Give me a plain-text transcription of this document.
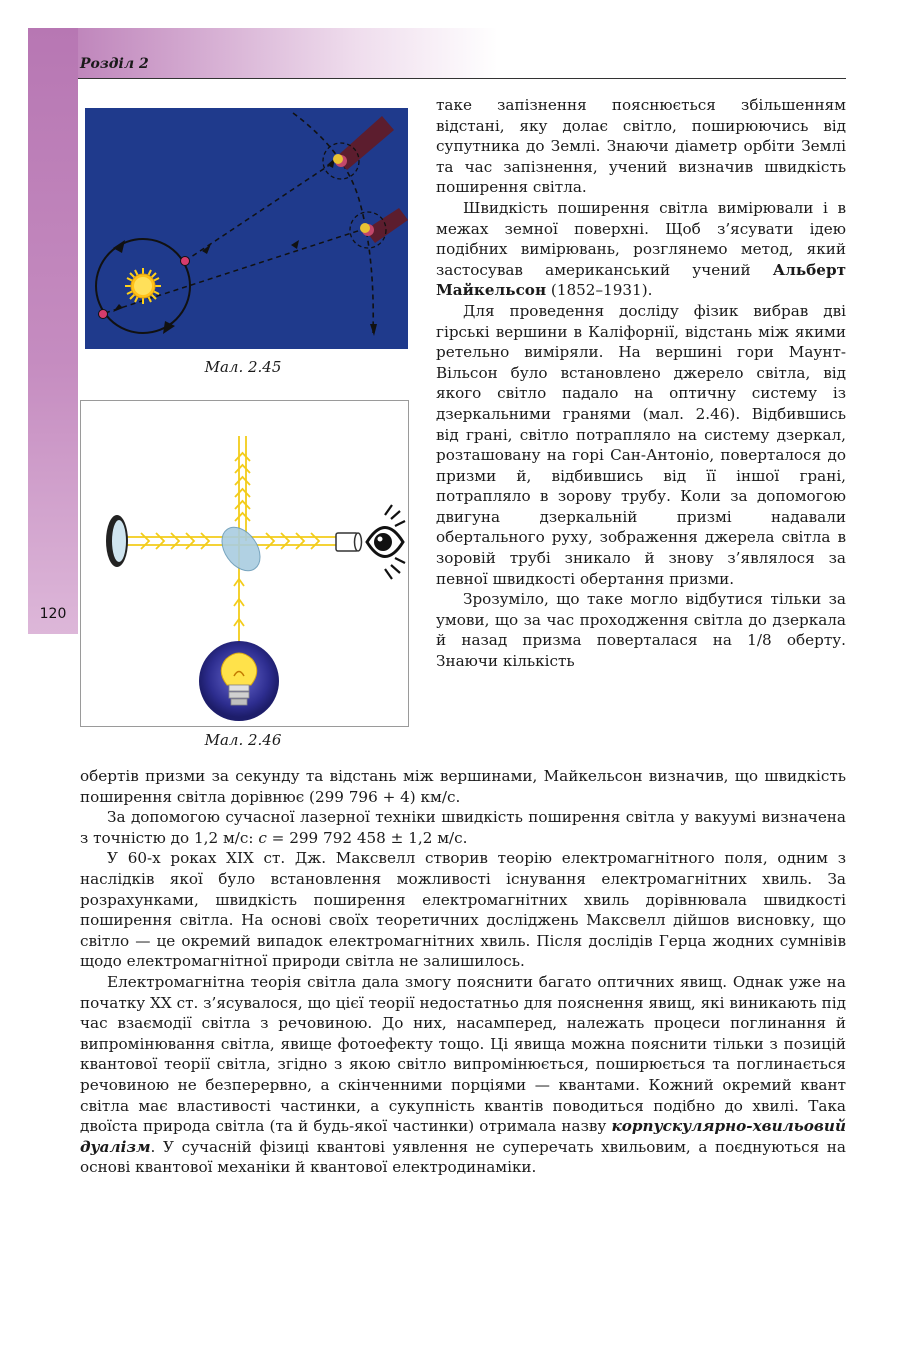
Розділ 2
120
Мал. 2.45
Мал. 2.46

таке запізнення пояснюється збільшенням відстані, яку долає світло, поширюючись від супутника до Землі. Знаючи діаметр орбіти Землі та час запізнення, учений визначив швидкість поширення світла.

Швидкість поширення світла вимірювали і в межах земної поверхні. Щоб з’ясувати ідею подібних вимірювань, розглянемо метод, який застосував американський учений Альберт Майкельсон (1852–1931).

Для проведення досліду фізик вибрав дві гірські вершини в Каліфорнії, відстань між якими ретельно виміряли. На вершині гори Маунт-Вільсон було встановлено джерело світла, від якого світло падало на оптичну систему із дзеркальними гранями (мал. 2.46). Відбившись від грані, світло потрапляло на систему дзеркал, розташовану на горі Сан-Антоніо, поверталося до призми й, відбившись від її іншої грані, потрапляло в зорову трубу. Коли за допомогою двигуна дзеркальній призмі надавали обертального руху, зображення джерела світла в зоровій трубі зникало й знову з’являлося за певної швидкості обертання призми.

Зрозуміло, що таке могло відбутися тільки за умови, що за час проходження світла до дзеркала й назад призма поверталася на 1/8 оберту. Знаючи кількість

обертів призми за секунду та відстань між вершинами, Майкельсон визначив, що швидкість поширення світла дорівнює (299 796 + 4) км/с.

За допомогою сучасної лазерної техніки швидкість поширення світла у вакуумі визначена з точністю до 1,2 м/с: c = 299 792 458 ± 1,2 м/с.

У 60-х роках ХІХ ст. Дж. Максвелл створив теорію електромагнітного поля, одним з наслідків якої було встановлення можливості існування електромагнітних хвиль. За розрахунками, швидкість поширення електромагнітних хвиль дорівнювала швидкості поширення світла. На основі своїх теоретичних досліджень Максвелл дійшов висновку, що світло — це окремий випадок електромагнітних хвиль. Після дослідів Герца жодних сумнівів щодо електромагнітної природи світла не залишилось.

Електромагнітна теорія світла дала змогу пояснити багато оптичних явищ. Однак уже на початку ХХ ст. з’ясувалося, що цієї теорії недостатньо для пояснення явищ, які виникають під час взаємодії світла з речовиною. До них, насамперед, належать процеси поглинання й випромінювання світла, явище фотоефекту тощо. Ці явища можна пояснити тільки з позицій квантової теорії світла, згідно з якою світло випромінюється, поширюється та поглинається речовиною не безперервно, а скінченними порціями — квантами. Кожний окремий квант світла має властивості частинки, а сукупність квантів поводиться подібно до хвилі. Така двоїста природа світла (та й будь-якої частинки) отримала назву корпускулярно-хвильовий дуалізм. У сучасній фізиці квантові уявлення не суперечать хвильовим, а поєднуються на основі квантової механіки й квантової електродинаміки.
